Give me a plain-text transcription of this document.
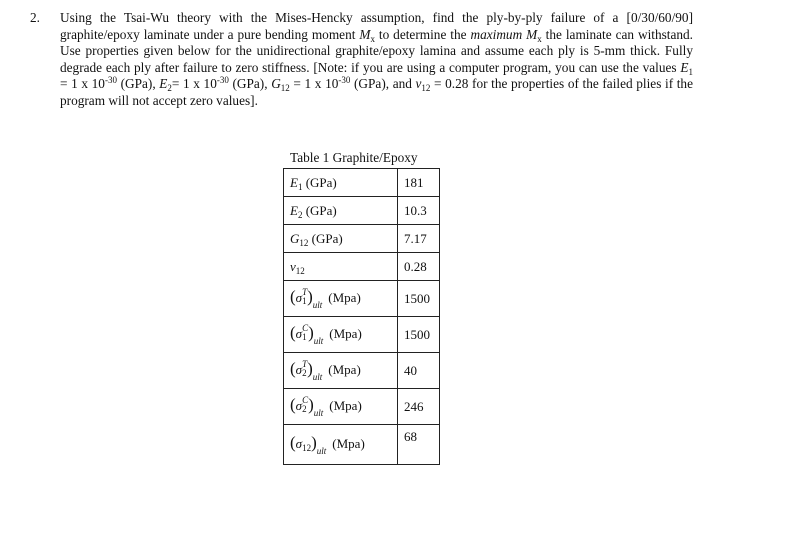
2. Using the Tsai-Wu theory with the Mises-Hencky assumption, find the ply-by-ply failure of a [0/30/60/90] graphite/epoxy laminate under a pure bending moment $M_x$ to determine the maximum $M_x$ the laminate can withstand. Use properties given below for the unidirectional graphite/epoxy lamina and assume each ply is 5-mm thick. Fully degrade each ply after failure to zero stiffness. [Note: if you are using a computer program, you can use the values $E_1 = 1$ x $10^{-30}$ (GPa), $E_2= 1$ x $10^{-30}$ (GPa), $G_{12} = 1$ x $10^{-30}$ (GPa), and $\nu_{12} = 0.28$ for the properties of the failed plies if the program will not accept zero values].

Table 1 Graphite/Epoxy
$E_1$ (GPa)	181
$E_2$ (GPa)	10.3
$G_{12}$ (GPa)	7.17
$\nu_{12}$	0.28
(σT
1 )$_{ult}$ (Mpa)	1500
(σC
1 )$_{ult}$ (Mpa)	1500
(σT
2 )$_{ult}$ (Mpa)	40
(σC
2 )$_{ult}$ (Mpa)	246
$(\sigma_{12})_{ult}$ (Mpa)	68
